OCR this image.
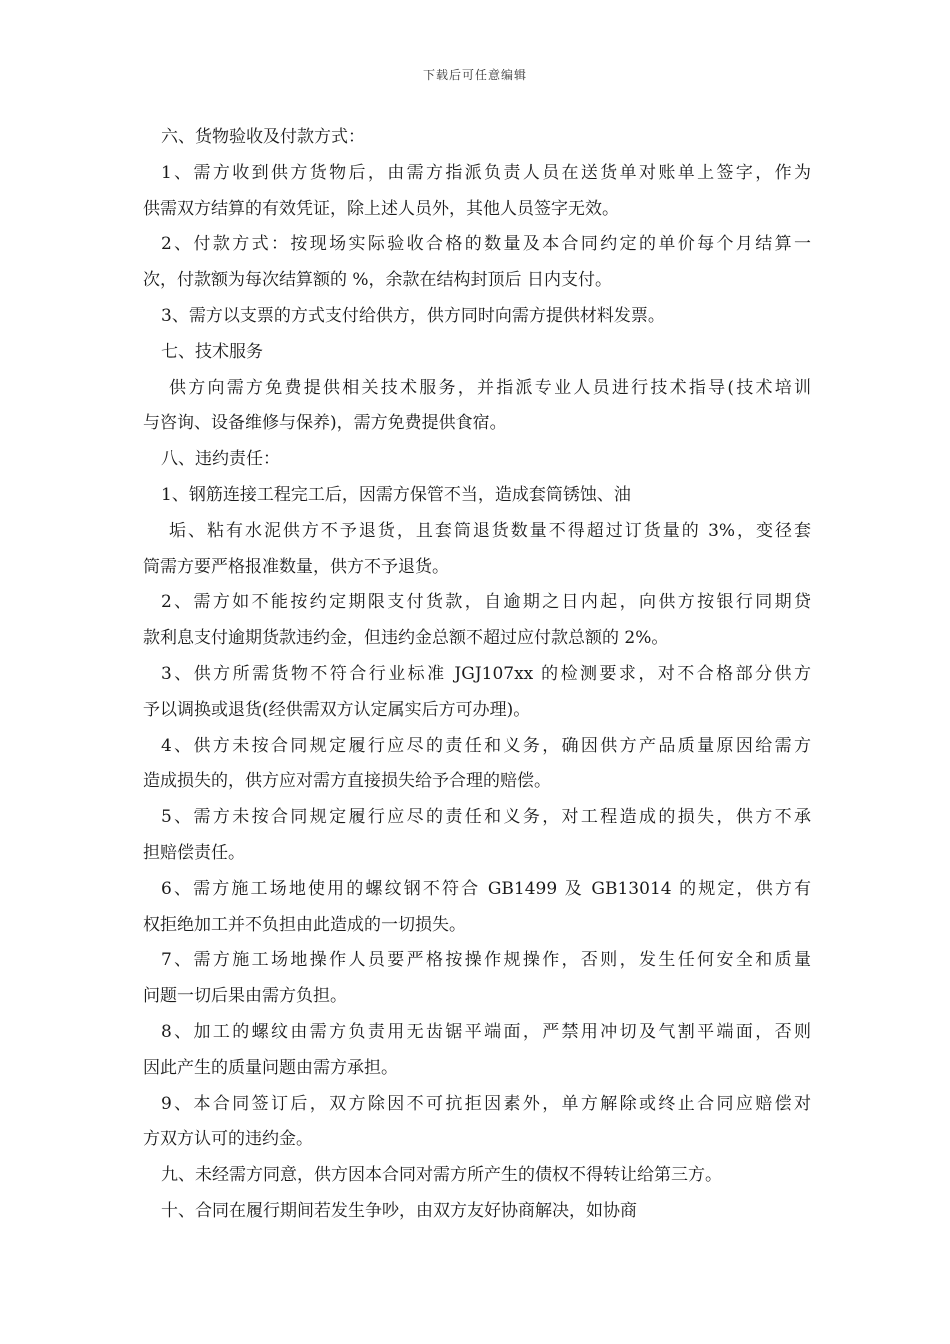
下载后可任意编辑
六、货物验收及付款方式：
1、需方收到供方货物后，由需方指派负责人员在送货单对账单上签字，作为
供需双方结算的有效凭证，除上述人员外，其他人员签字无效。
2、付款方式：按现场实际验收合格的数量及本合同约定的单价每个月结算一
次，付款额为每次结算额的 %，余款在结构封顶后 日内支付。
3、需方以支票的方式支付给供方，供方同时向需方提供材料发票。
七、技术服务
供方向需方免费提供相关技术服务，并指派专业人员进行技术指导(技术培训
与咨询、设备维修与保养)，需方免费提供食宿。
八、违约责任：
1、钢筋连接工程完工后，因需方保管不当，造成套筒锈蚀、油
垢、粘有水泥供方不予退货，且套筒退货数量不得超过订货量的 3%，变径套
筒需方要严格报准数量，供方不予退货。
2、需方如不能按约定期限支付货款，自逾期之日内起，向供方按银行同期贷
款利息支付逾期货款违约金，但违约金总额不超过应付款总额的 2%。
3、供方所需货物不符合行业标准 JGJ107xx 的检测要求，对不合格部分供方
予以调换或退货(经供需双方认定属实后方可办理)。
4、供方未按合同规定履行应尽的责任和义务，确因供方产品质量原因给需方
造成损失的，供方应对需方直接损失给予合理的赔偿。
5、需方未按合同规定履行应尽的责任和义务，对工程造成的损失，供方不承
担赔偿责任。
6、需方施工场地使用的螺纹钢不符合 GB1499 及 GB13014 的规定，供方有
权拒绝加工并不负担由此造成的一切损失。
7、需方施工场地操作人员要严格按操作规操作，否则，发生任何安全和质量
问题一切后果由需方负担。
8、加工的螺纹由需方负责用无齿锯平端面，严禁用冲切及气割平端面，否则
因此产生的质量问题由需方承担。
9、本合同签订后，双方除因不可抗拒因素外，单方解除或终止合同应赔偿对
方双方认可的违约金。
九、未经需方同意，供方因本合同对需方所产生的债权不得转让给第三方。
十、合同在履行期间若发生争吵，由双方友好协商解决，如协商
